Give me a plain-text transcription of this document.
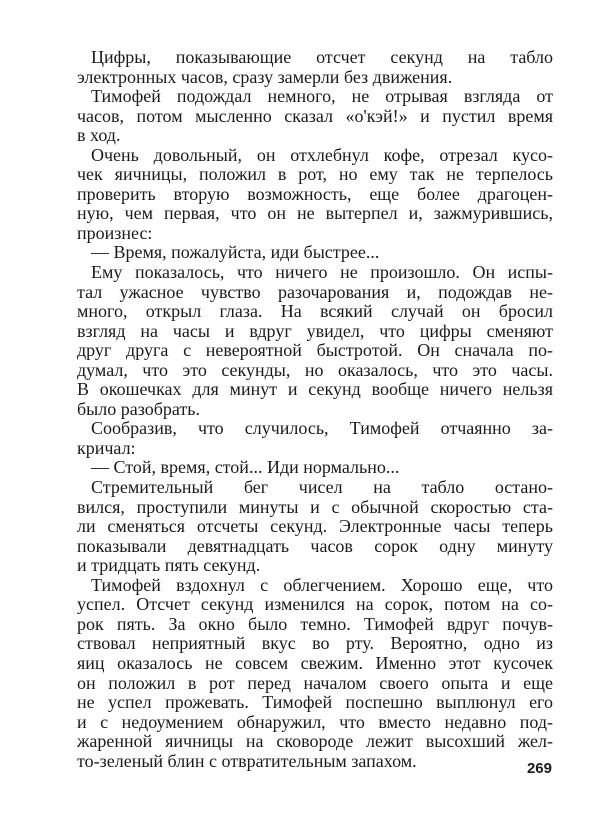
Цифры, показывающие отсчет секунд на табло
электронных часов, сразу замерли без движения.
Тимофей подождал немного, не отрывая взгляда от
часов, потом мысленно сказал «о'кэй!» и пустил время
в ход.
Очень довольный, он отхлебнул кофе, отрезал кусо-
чек яичницы, положил в рот, но ему так не терпелось
проверить вторую возможность, еще более драгоцен-
ную, чем первая, что он не вытерпел и, зажмурившись,
произнес:
— Время, пожалуйста, иди быстрее...
Ему показалось, что ничего не произошло. Он испы-
тал ужасное чувство разочарования и, подождав не-
много, открыл глаза. На всякий случай он бросил
взгляд на часы и вдруг увидел, что цифры сменяют
друг друга с невероятной быстротой. Он сначала по-
думал, что это секунды, но оказалось, что это часы.
В окошечках для минут и секунд вообще ничего нельзя
было разобрать.
Сообразив, что случилось, Тимофей отчаянно за-
кричал:
— Стой, время, стой... Иди нормально...
Стремительный бег чисел на табло остано-
вился, проступили минуты и с обычной скоростью ста-
ли сменяться отсчеты секунд. Электронные часы теперь
показывали девятнадцать часов сорок одну минуту
и тридцать пять секунд.
Тимофей вздохнул с облегчением. Хорошо еще, что
успел. Отсчет секунд изменился на сорок, потом на со-
рок пять. За окно было темно. Тимофей вдруг почув-
ствовал неприятный вкус во рту. Вероятно, одно из
яиц оказалось не совсем свежим. Именно этот кусочек
он положил в рот перед началом своего опыта и еще
не успел прожевать. Тимофей поспешно выплюнул его
и с недоумением обнаружил, что вместо недавно под-
жаренной яичницы на сковороде лежит высохший жел-
то-зеленый блин с отвратительным запахом.	269
